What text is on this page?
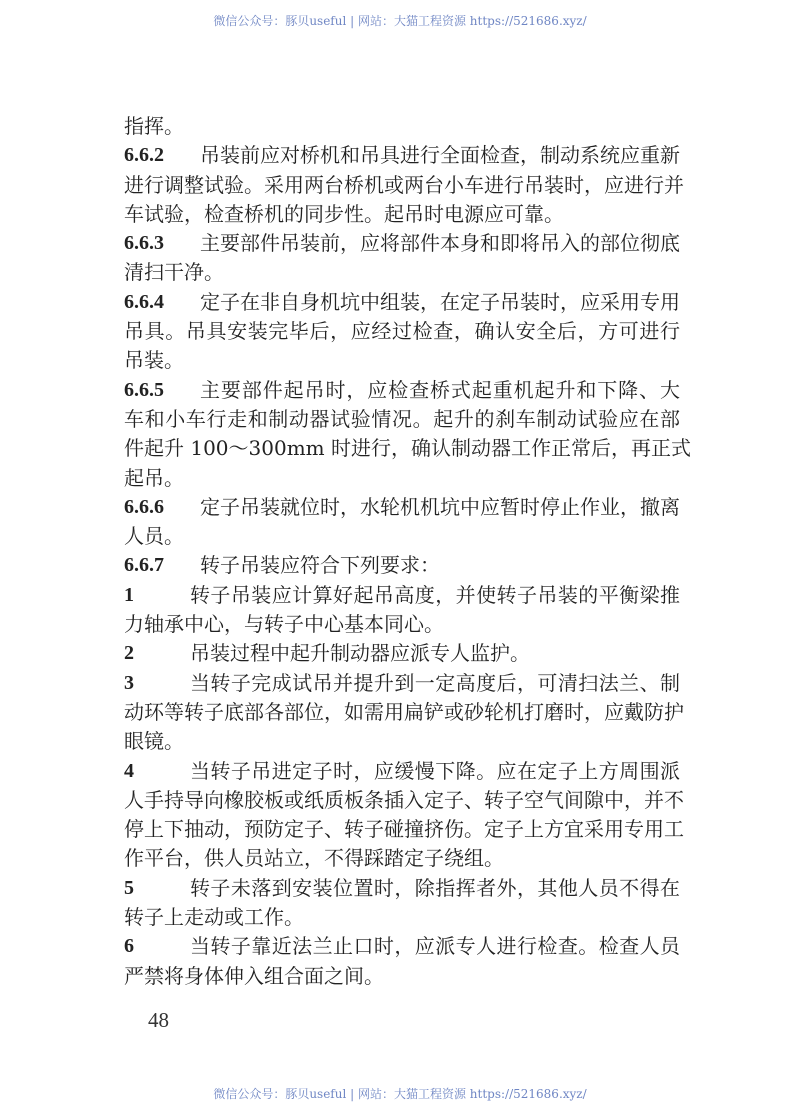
微信公众号：豚贝useful | 网站：大猫工程资源 https://521686.xyz/
指挥。
6.6.2	吊装前应对桥机和吊具进行全面检查，制动系统应重新
进行调整试验。采用两台桥机或两台小车进行吊装时，应进行并
车试验，检查桥机的同步性。起吊时电源应可靠。
6.6.3	主要部件吊装前，应将部件本身和即将吊入的部位彻底
清扫干净。
6.6.4	定子在非自身机坑中组装，在定子吊装时，应采用专用
吊具。吊具安装完毕后，应经过检查，确认安全后，方可进行
吊装。
6.6.5	主要部件起吊时，应检查桥式起重机起升和下降、大
车和小车行走和制动器试验情况。起升的刹车制动试验应在部
件起升 100～300mm 时进行，确认制动器工作正常后，再正式
起吊。
6.6.6	定子吊装就位时，水轮机机坑中应暂时停止作业，撤离
人员。
6.6.7	转子吊装应符合下列要求：
1	转子吊装应计算好起吊高度，并使转子吊装的平衡梁推
力轴承中心，与转子中心基本同心。
2	吊装过程中起升制动器应派专人监护。
3	当转子完成试吊并提升到一定高度后，可清扫法兰、制
动环等转子底部各部位，如需用扁铲或砂轮机打磨时，应戴防护
眼镜。
4	当转子吊进定子时，应缓慢下降。应在定子上方周围派
人手持导向橡胶板或纸质板条插入定子、转子空气间隙中，并不
停上下抽动，预防定子、转子碰撞挤伤。定子上方宜采用专用工
作平台，供人员站立，不得踩踏定子绕组。
5	转子未落到安装位置时，除指挥者外，其他人员不得在
转子上走动或工作。
6	当转子靠近法兰止口时，应派专人进行检查。检查人员
严禁将身体伸入组合面之间。
48
微信公众号：豚贝useful | 网站：大猫工程资源 https://521686.xyz/
